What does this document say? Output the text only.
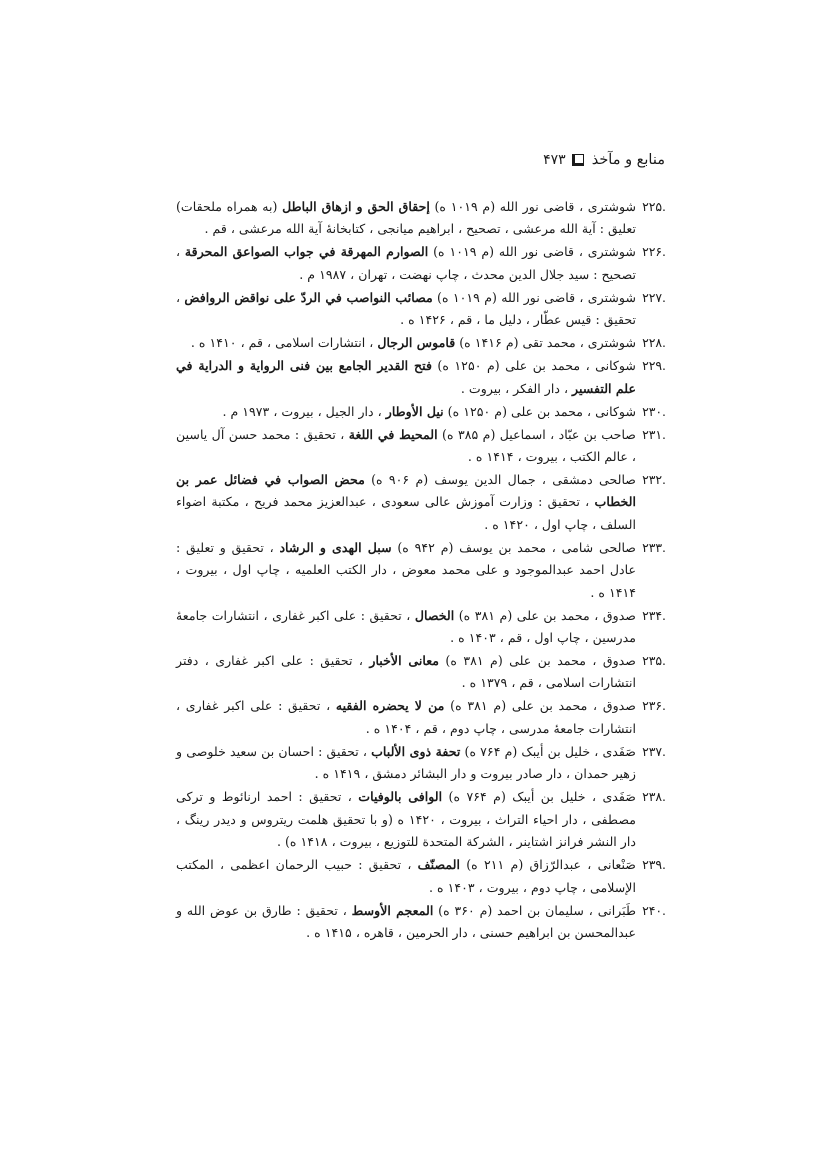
منابع و مآخذ
۴۷۳
۲۲۵.
شوشتری ، قاضی نور الله (م ۱۰۱۹ ه) إحقاق الحق و ازهاق الباطل (به همراه ملحقات) تعلیق : آیة الله مرعشی ، تصحیح ، ابراهیم میانجی ، کتابخانهٔ آیة الله مرعشی ، قم .
۲۲۶.
شوشتری ، قاضی نور الله (م ۱۰۱۹ ه) الصوارم المهرقة في جواب الصواعق المحرقة ، تصحیح : سید جلال الدین محدث ، چاپ نهضت ، تهران ، ۱۹۸۷ م .
۲۲۷.
شوشتری ، قاضی نور الله (م ۱۰۱۹ ه) مصائب النواصب في الردّ على نواقض الروافض ، تحقیق : قیس عطّار ، دلیل ما ، قم ، ۱۴۲۶ ه .
۲۲۸.
شوشتری ، محمد تقی (م ۱۴۱۶ ه) قاموس الرجال ، انتشارات اسلامی ، قم ، ۱۴۱۰ ه .
۲۲۹.
شوکانی ، محمد بن علی (م ۱۲۵۰ ه) فتح القدير الجامع بين فنى الرواية و الدراية في علم التفسير ، دار الفکر ، بیروت .
۲۳۰.
شوکانی ، محمد بن علی (م ۱۲۵۰ ه) نيل الأوطار ، دار الجیل ، بیروت ، ۱۹۷۳ م .
۲۳۱.
صاحب بن عبّاد ، اسماعیل (م ۳۸۵ ه) المحيط في اللغة ، تحقیق : محمد حسن آل یاسین ، عالم الکتب ، بیروت ، ۱۴۱۴ ه .
۲۳۲.
صالحی دمشقی ، جمال الدین یوسف (م ۹۰۶ ه) محض الصواب في فضائل عمر بن الخطاب ، تحقیق : وزارت آموزش عالی سعودی ، عبدالعزیز محمد فریح ، مکتبة اضواء السلف ، چاپ اول ، ۱۴۲۰ ه .
۲۳۳.
صالحی شامی ، محمد بن یوسف (م ۹۴۲ ه) سبل الهدى و الرشاد ، تحقیق و تعلیق : عادل احمد عبدالموجود و علی محمد معوض ، دار الکتب العلمیه ، چاپ اول ، بیروت ، ۱۴۱۴ ه .
۲۳۴.
صدوق ، محمد بن علی (م ۳۸۱ ه) الخصال ، تحقیق : علی اکبر غفاری ، انتشارات جامعهٔ مدرسین ، چاپ اول ، قم ، ۱۴۰۳ ه .
۲۳۵.
صدوق ، محمد بن علی (م ۳۸۱ ه) معانى الأخبار ، تحقیق : علی اکبر غفاری ، دفتر انتشارات اسلامی ، قم ، ۱۳۷۹ ه .
۲۳۶.
صدوق ، محمد بن علی (م ۳۸۱ ه) من لا يحضره الفقيه ، تحقیق : علی اکبر غفاری ، انتشارات جامعهٔ مدرسی ، چاپ دوم ، قم ، ۱۴۰۴ ه .
۲۳۷.
صَفَدی ، خلیل بن أیبک (م ۷۶۴ ه) تحفة ذوى الألباب ، تحقیق : احسان بن سعید خلوصی و زهیر حمدان ، دار صادر بیروت و دار البشائر دمشق ، ۱۴۱۹ ه .
۲۳۸.
صَفَدی ، خلیل بن أیبک (م ۷۶۴ ه) الوافى بالوفيات ، تحقیق : احمد ارنائوط و ترکی مصطفی ، دار احیاء التراث ، بیروت ، ۱۴۲۰ ه (و با تحقیق هلمت ریتروس و دیدر رینگ ، دار النشر فرانز اشتاینر ، الشرکة المتحدة للتوزیع ، بیروت ، ۱۴۱۸ ه) .
۲۳۹.
صَنْعانی ، عبدالرّزاق (م ۲۱۱ ه) المصنّف ، تحقیق : حبیب الرحمان اعظمی ، المکتب الإسلامی ، چاپ دوم ، بیروت ، ۱۴۰۳ ه .
۲۴۰.
طَبَرانی ، سلیمان بن احمد (م ۳۶۰ ه) المعجم الأوسط ، تحقیق : طارق بن عوض الله و عبدالمحسن بن ابراهیم حسنی ، دار الحرمین ، قاهره ، ۱۴۱۵ ه .
